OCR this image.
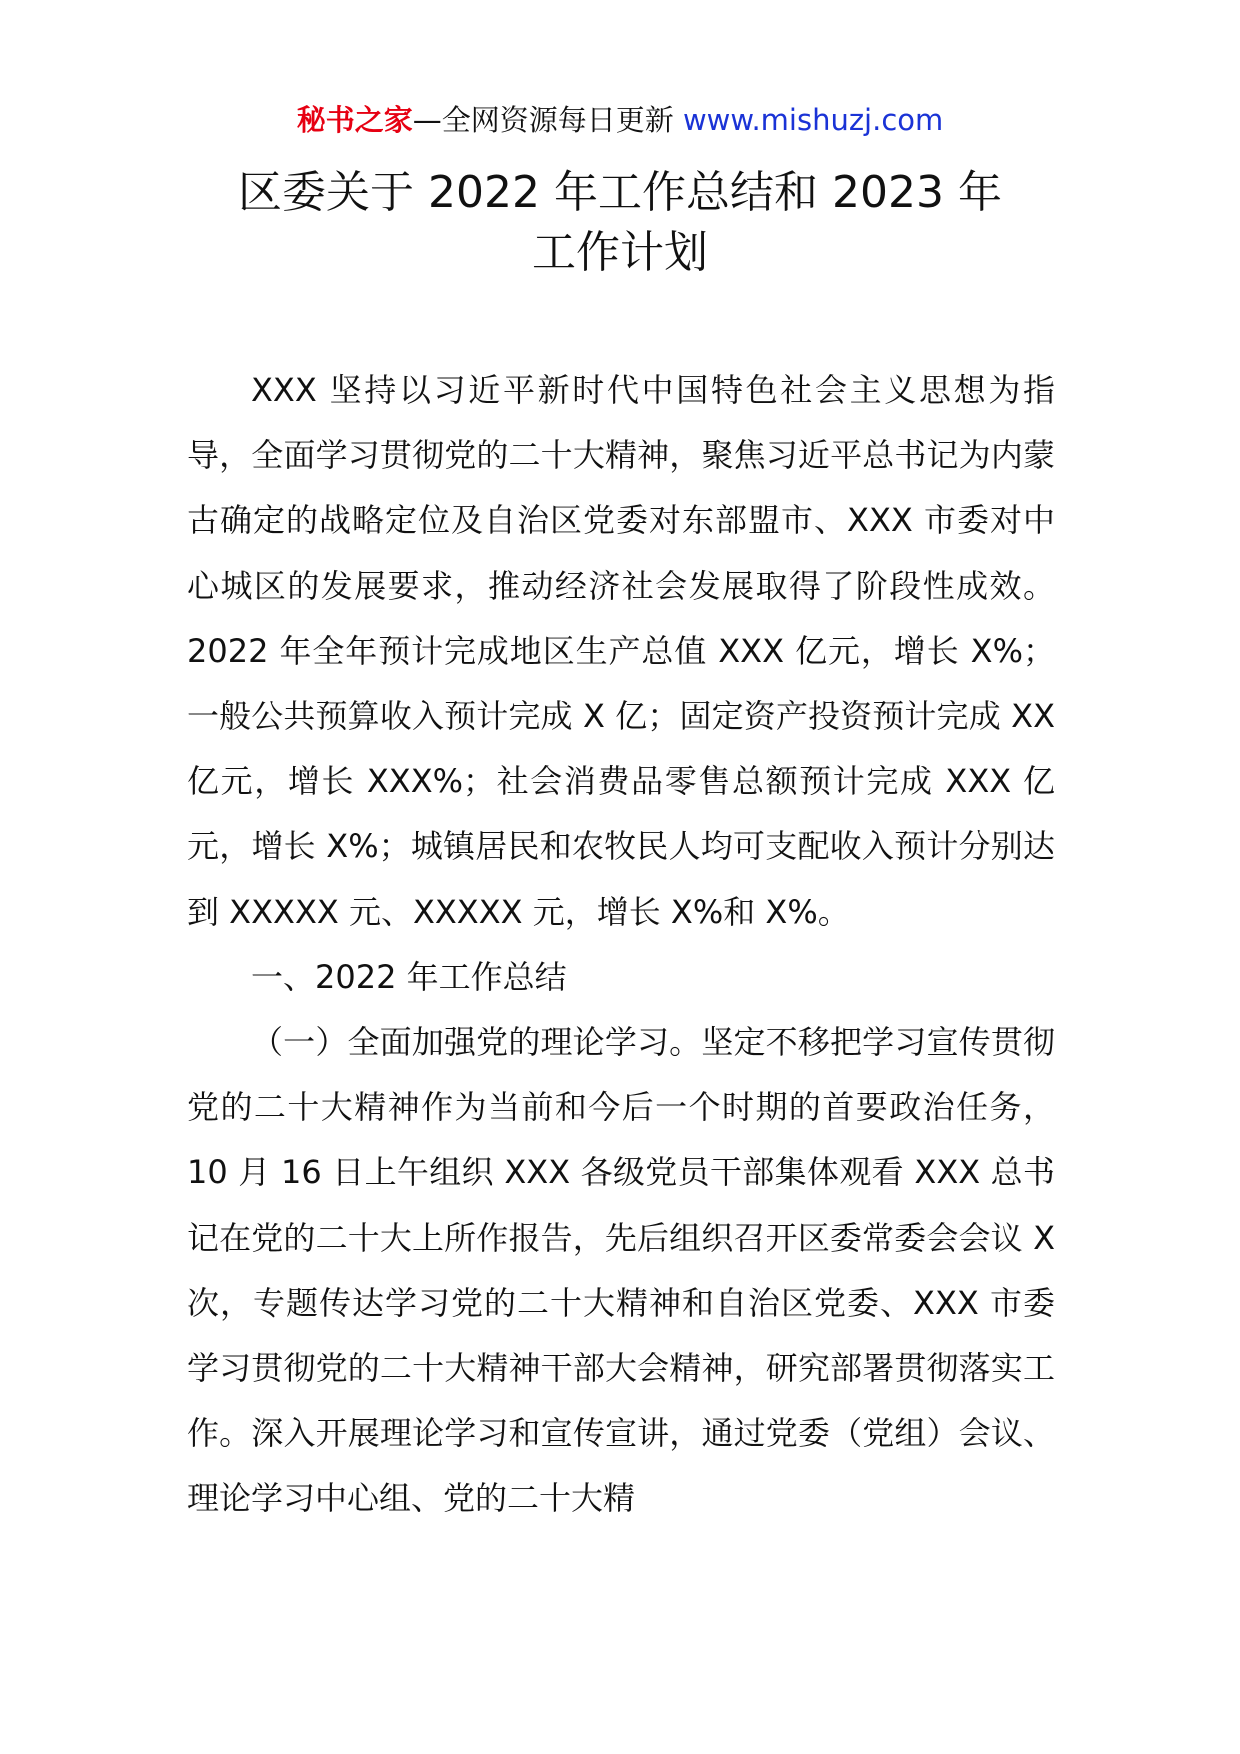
秘书之家—全网资源每日更新 www.mishuzj.com
区委关于 2022 年工作总结和 2023 年
工作计划

XXX 坚持以习近平新时代中国特色社会主义思想为指导，全面学习贯彻党的二十大精神，聚焦习近平总书记为内蒙古确定的战略定位及自治区党委对东部盟市、XXX 市委对中心城区的发展要求，推动经济社会发展取得了阶段性成效。2022 年全年预计完成地区生产总值 XXX 亿元，增长 X%；一般公共预算收入预计完成 X 亿；固定资产投资预计完成 XX 亿元，增长 XXX%；社会消费品零售总额预计完成 XXX 亿元，增长 X%；城镇居民和农牧民人均可支配收入预计分别达到 XXXXX 元、XXXXX 元，增长 X%和 X%。

一、2022 年工作总结

（一）全面加强党的理论学习。坚定不移把学习宣传贯彻党的二十大精神作为当前和今后一个时期的首要政治任务，10 月 16 日上午组织 XXX 各级党员干部集体观看 XXX 总书记在党的二十大上所作报告，先后组织召开区委常委会会议 X 次，专题传达学习党的二十大精神和自治区党委、XXX 市委学习贯彻党的二十大精神干部大会精神，研究部署贯彻落实工作。深入开展理论学习和宣传宣讲，通过党委（党组）会议、理论学习中心组、党的二十大精
